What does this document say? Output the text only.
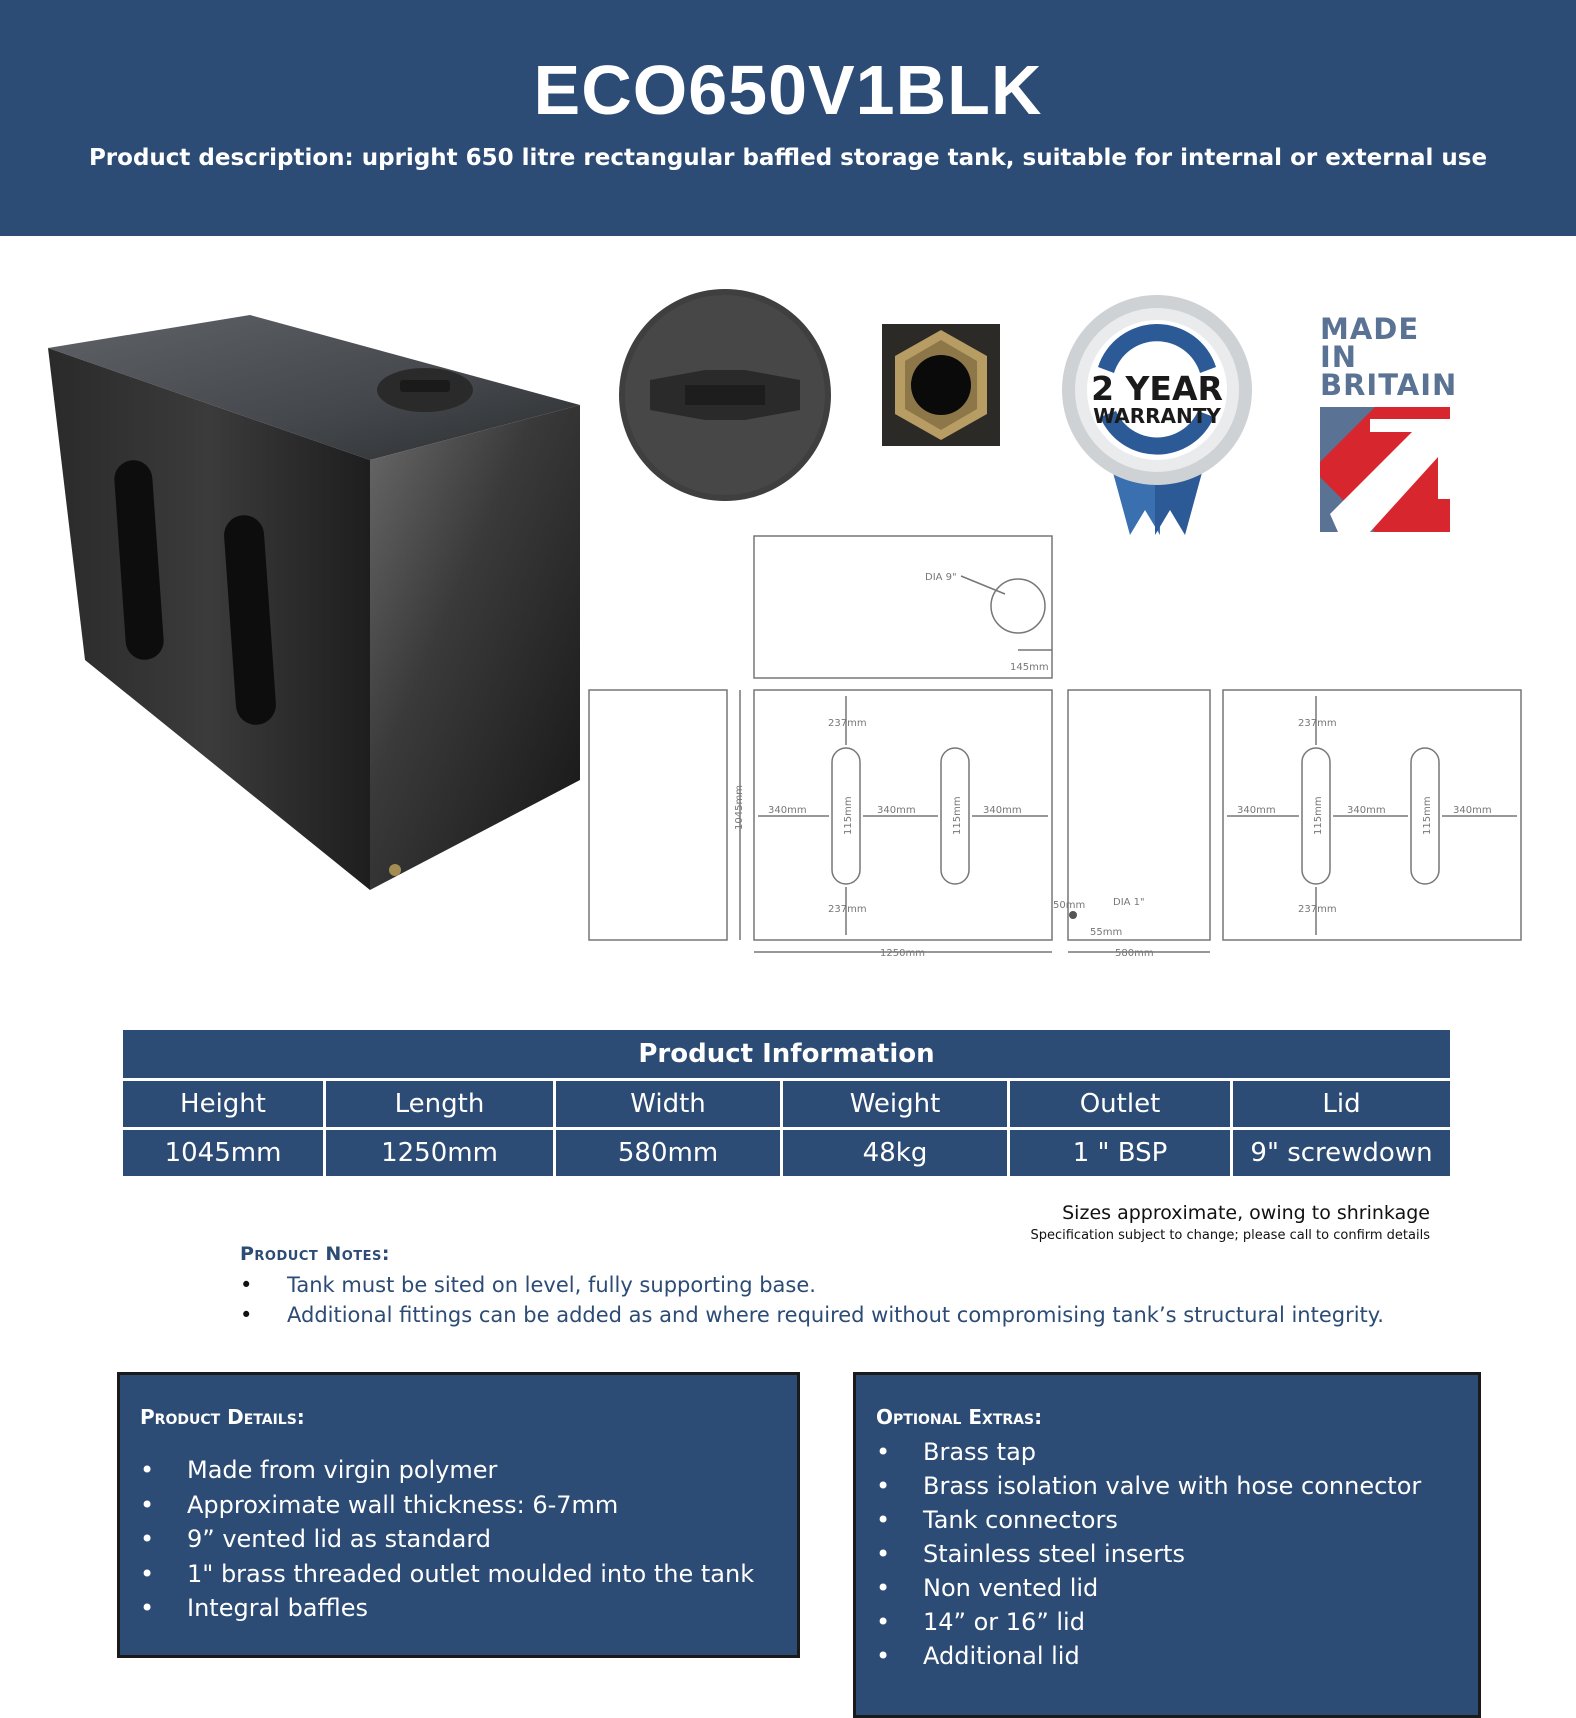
ECO650V1BLK
Product description: upright 650 litre rectangular baffled storage tank, suitable for internal or external use
2 YEAR
WARRANTY
MADE IN
BRITAIN
DIA 9"
145mm
1045mm
237mm
237mm
340mm	340mm	340mm
115mm	115mm
1250mm	580mm
DIA 1"
50mm
55mm
237mm
237mm
340mm	340mm	340mm
115mm	115mm
Product Information					
Height	Length	Width	Weight	Outlet	Lid
1045mm	1250mm	580mm	48kg	1 " BSP	9" screwdown
Sizes approximate, owing to shrinkage
Specification subject to change; please call to confirm details
Product Notes:
• Tank must be sited on level, fully supporting base.
• Additional fittings can be added as and where required without compromising tank’s structural integrity.
Product Details:
• Made from virgin polymer
• Approximate wall thickness: 6-7mm
• 9” vented lid as standard
• 1" brass threaded outlet moulded into the tank
• Integral baffles
Optional Extras:
• Brass tap
• Brass isolation valve with hose connector
• Tank connectors
• Stainless steel inserts
• Non vented lid
• 14” or 16” lid
• Additional lid
